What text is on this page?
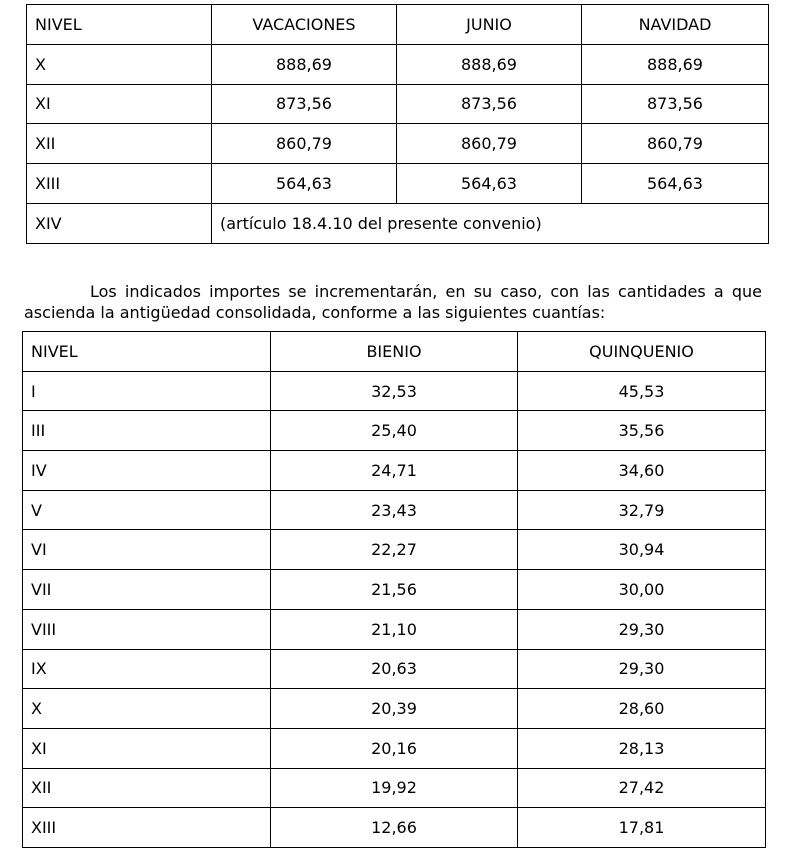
NIVEL	VACACIONES	JUNIO	NAVIDAD
X	888,69	888,69	888,69
XI	873,56	873,56	873,56
XII	860,79	860,79	860,79
XIII	564,63	564,63	564,63
XIV	(artículo 18.4.10 del presente convenio)		

Los indicados importes se incrementarán, en su caso, con las cantidades a que ascienda la antigüedad consolidada, conforme a las siguientes cuantías:

NIVEL	BIENIO	QUINQUENIO
I	32,53	45,53
III	25,40	35,56
IV	24,71	34,60
V	23,43	32,79
VI	22,27	30,94
VII	21,56	30,00
VIII	21,10	29,30
IX	20,63	29,30
X	20,39	28,60
XI	20,16	28,13
XII	19,92	27,42
XIII	12,66	17,81
